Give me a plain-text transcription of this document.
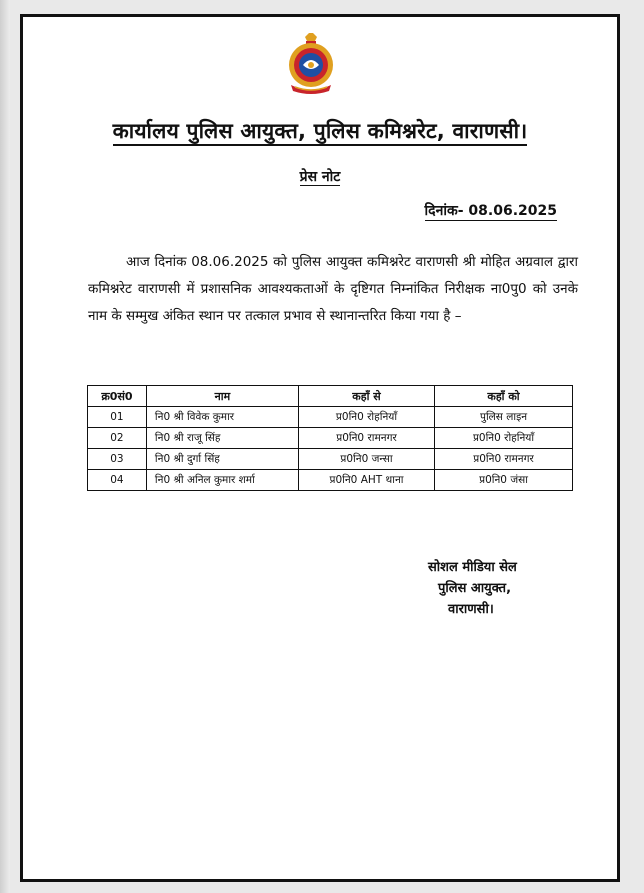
कार्यालय पुलिस आयुक्त, पुलिस कमिश्नरेट, वाराणसी।
प्रेस नोट
दिनांक- 08.06.2025
आज दिनांक 08.06.2025 को पुलिस आयुक्त कमिश्नरेट वाराणसी श्री मोहित अग्रवाल द्वारा कमिश्नरेट वाराणसी में प्रशासनिक आवश्यकताओं के दृष्टिगत निम्नांकित निरीक्षक ना0पु0 को उनके नाम के सम्मुख अंकित स्थान पर तत्काल प्रभाव से स्थानान्तरित किया गया है –
क्र0सं0	नाम	कहाँ से	कहाँ को
01	नि0 श्री विवेक कुमार	प्र0नि0 रोहनियाँ	पुलिस लाइन
02	नि0 श्री राजू सिंह	प्र0नि0 रामनगर	प्र0नि0 रोहनियाँ
03	नि0 श्री दुर्गा सिंह	प्र0नि0 जन्सा	प्र0नि0 रामनगर
04	नि0 श्री अनिल कुमार शर्मा	प्र0नि0 AHT थाना	प्र0नि0 जंसा
सोशल मीडिया सेल
पुलिस आयुक्त,
वाराणसी।
